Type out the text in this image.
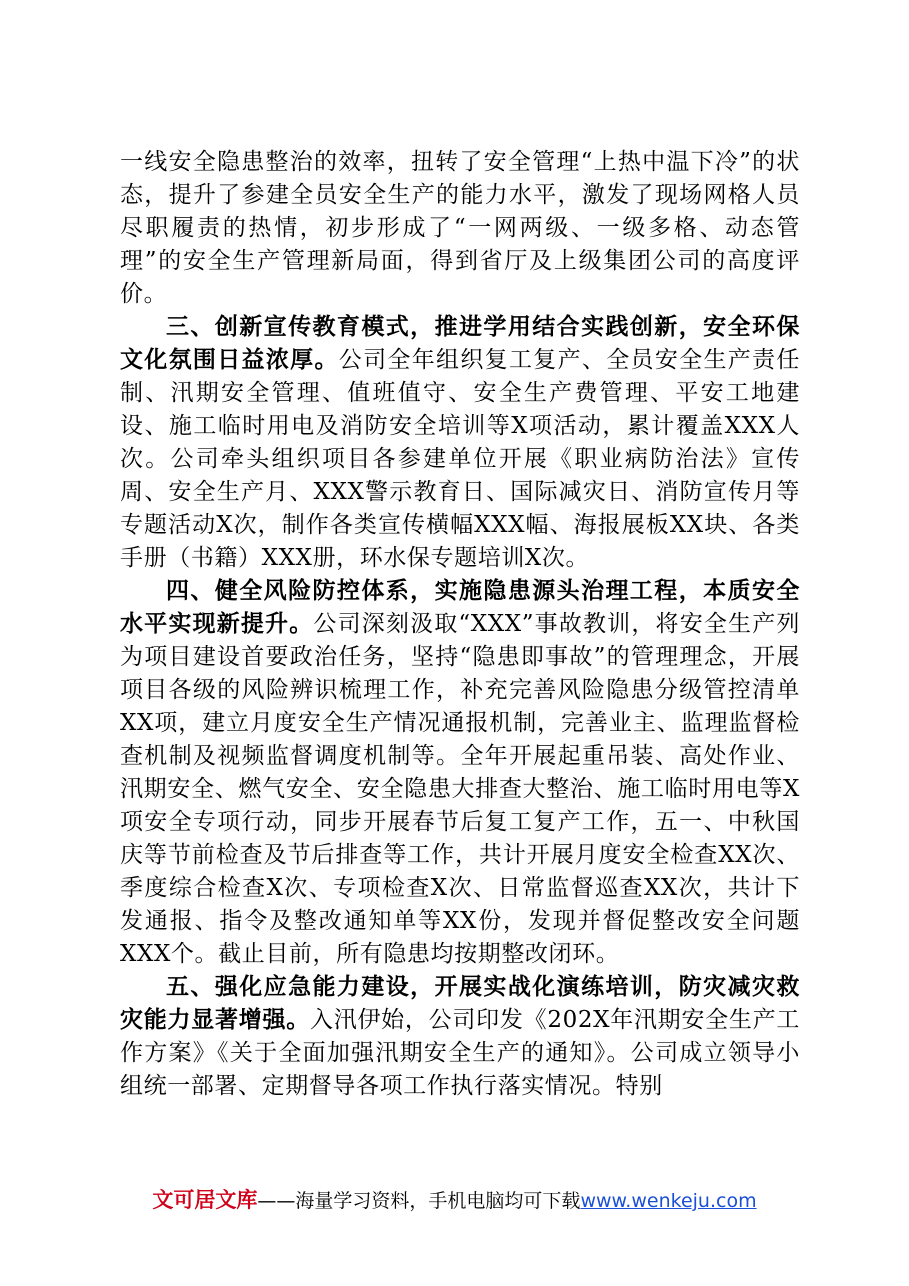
一线安全隐患整治的效率，扭转了安全管理“上热中温下冷”的状态，提升了参建全员安全生产的能力水平，激发了现场网格人员尽职履责的热情，初步形成了“一网两级、一级多格、动态管理”的安全生产管理新局面，得到省厅及上级集团公司的高度评价。

三、创新宣传教育模式，推进学用结合实践创新，安全环保文化氛围日益浓厚。公司全年组织复工复产、全员安全生产责任制、汛期安全管理、值班值守、安全生产费管理、平安工地建设、施工临时用电及消防安全培训等X项活动，累计覆盖XXX人次。公司牵头组织项目各参建单位开展《职业病防治法》宣传周、安全生产月、XXX警示教育日、国际减灾日、消防宣传月等专题活动X次，制作各类宣传横幅XXX幅、海报展板XX块、各类手册（书籍）XXX册，环水保专题培训X次。

四、健全风险防控体系，实施隐患源头治理工程，本质安全水平实现新提升。公司深刻汲取“XXX”事故教训，将安全生产列为项目建设首要政治任务，坚持“隐患即事故”的管理理念，开展项目各级的风险辨识梳理工作，补充完善风险隐患分级管控清单XX项，建立月度安全生产情况通报机制，完善业主、监理监督检查机制及视频监督调度机制等。全年开展起重吊装、高处作业、汛期安全、燃气安全、安全隐患大排查大整治、施工临时用电等X项安全专项行动，同步开展春节后复工复产工作，五一、中秋国庆等节前检查及节后排查等工作，共计开展月度安全检查XX次、季度综合检查X次、专项检查X次、日常监督巡查XX次，共计下发通报、指令及整改通知单等XX份，发现并督促整改安全问题XXX个。截止目前，所有隐患均按期整改闭环。

五、强化应急能力建设，开展实战化演练培训，防灾减灾救灾能力显著增强。入汛伊始，公司印发《202X年汛期安全生产工作方案》《关于全面加强汛期安全生产的通知》。公司成立领导小组统一部署、定期督导各项工作执行落实情况。特别

文可居文库——海量学习资料，手机电脑均可下载www.wenkeju.com
